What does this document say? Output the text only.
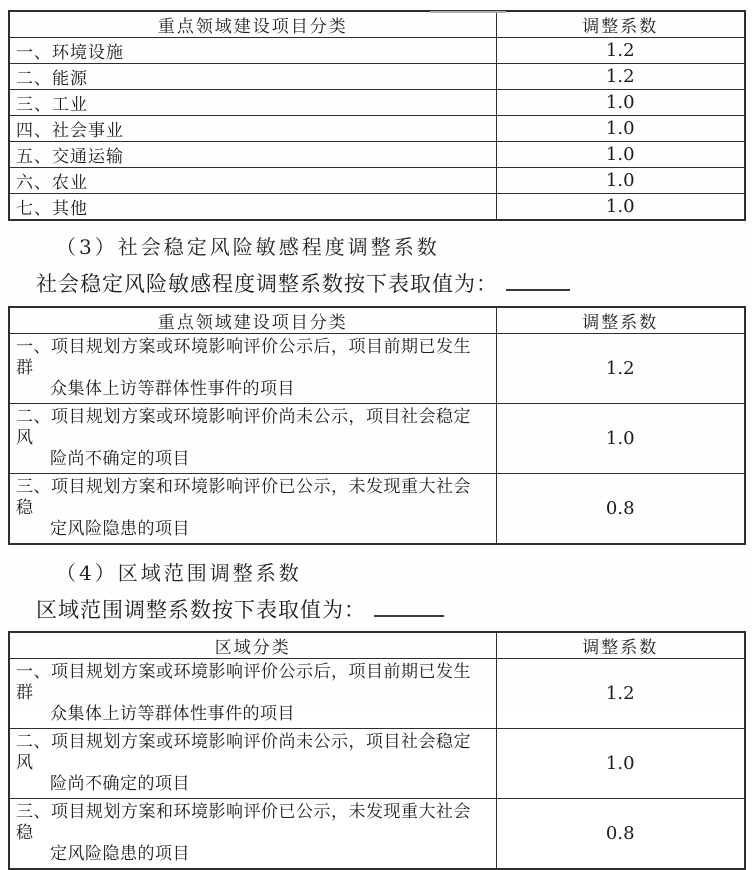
重点领域建设项目分类	调整系数
一、环境设施	1.2
二、能源	1.2
三、工业	1.0
四、社会事业	1.0
五、交通运输	1.0
六、农业	1.0
七、其他	1.0
（3）社会稳定风险敏感程度调整系数
社会稳定风险敏感程度调整系数按下表取值为：
重点领域建设项目分类	调整系数

一、项目规划方案或环境影响评价公示后，项目前期已发生群
众集体上访等群体性事件的项目	1.2

二、项目规划方案或环境影响评价尚未公示，项目社会稳定风
险尚不确定的项目	1.0

三、项目规划方案和环境影响评价已公示，未发现重大社会稳
定风险隐患的项目	0.8
（4）区域范围调整系数
区域范围调整系数按下表取值为：
区域分类	调整系数

一、项目规划方案或环境影响评价公示后，项目前期已发生群
众集体上访等群体性事件的项目	1.2

二、项目规划方案或环境影响评价尚未公示，项目社会稳定风
险尚不确定的项目	1.0

三、项目规划方案和环境影响评价已公示，未发现重大社会稳
定风险隐患的项目	0.8
